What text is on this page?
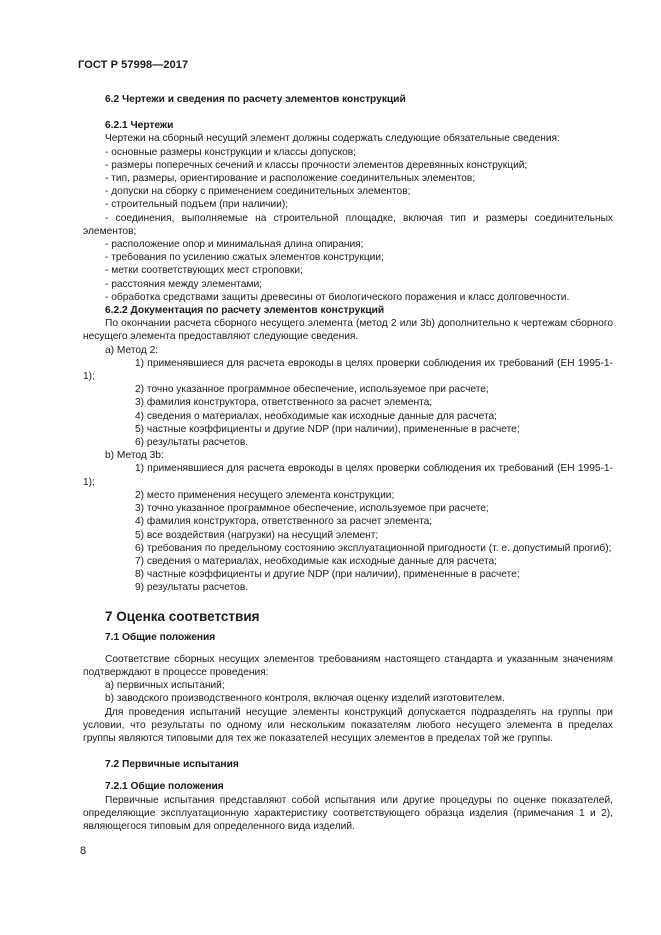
ГОСТ Р 57998—2017

6.2 Чертежи и сведения по расчету элементов конструкций

6.2.1 Чертежи

Чертежи на сборный несущий элемент должны содержать следующие обязательные сведения:

- основные размеры конструкции и классы допусков;

- размеры поперечных сечений и классы прочности элементов деревянных конструкций;

- тип, размеры, ориентирование и расположение соединительных элементов;

- допуски на сборку с применением соединительных элементов;

- строительный подъем (при наличии);

- соединения, выполняемые на строительной площадке, включая тип и размеры соединительных элементов;

- расположение опор и минимальная длина опирания;

- требования по усилению сжатых элементов конструкции;

- метки соответствующих мест строповки;

- расстояния между элементами;

- обработка средствами защиты древесины от биологического поражения и класс долговечности.

6.2.2 Документация по расчету элементов конструкций

По окончании расчета сборного несущего элемента (метод 2 или 3b) дополнительно к чертежам сборного несущего элемента предоставляют следующие сведения.

a) Метод 2:

1) применявшиеся для расчета еврокоды в целях проверки соблюдения их требований (ЕН 1995-1-1);

2) точно указанное программное обеспечение, используемое при расчете;

3) фамилия конструктора, ответственного за расчет элемента;

4) сведения о материалах, необходимые как исходные данные для расчета;

5) частные коэффициенты и другие NDP (при наличии), примененные в расчете;

6) результаты расчетов.

b) Метод 3b:

1) применявшиеся для расчета еврокоды в целях проверки соблюдения их требований (ЕН 1995-1-1);

2) место применения несущего элемента конструкции;

3) точно указанное программное обеспечение, используемое при расчете;

4) фамилия конструктора, ответственного за расчет элемента;

5) все воздействия (нагрузки) на несущий элемент;

6) требования по предельному состоянию эксплуатационной пригодности (т. е. допустимый прогиб);

7) сведения о материалах, необходимые как исходные данные для расчета;

8) частные коэффициенты и другие NDP (при наличии), примененные в расчете;

9) результаты расчетов.

7 Оценка соответствия

7.1 Общие положения

Соответствие сборных несущих элементов требованиям настоящего стандарта и указанным значениям подтверждают в процессе проведения:

a) первичных испытаний;

b) заводского производственного контроля, включая оценку изделий изготовителем.

Для проведения испытаний несущие элементы конструкций допускается подразделять на группы при условии, что результаты по одному или нескольким показателям любого несущего элемента в пределах группы являются типовыми для тех же показателей несущих элементов в пределах той же группы.

7.2 Первичные испытания

7.2.1 Общие положения

Первичные испытания представляют собой испытания или другие процедуры по оценке показателей, определяющие эксплуатационную характеристику соответствующего образца изделия (примечания 1 и 2), являющегося типовым для определенного вида изделий.

8
